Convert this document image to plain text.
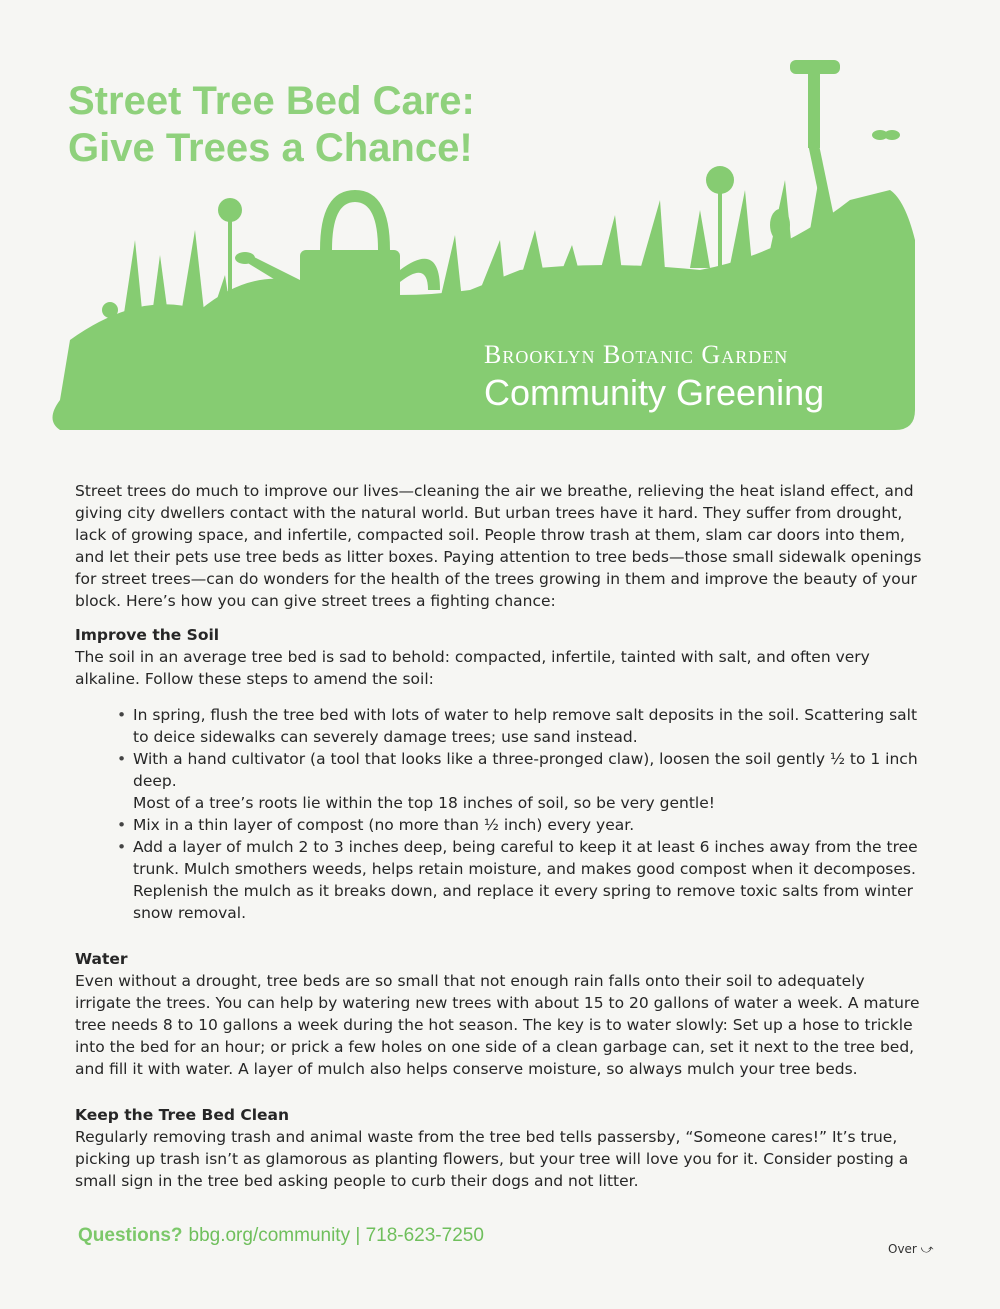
Street Tree Bed Care:
Give Trees a Chance!
Brooklyn Botanic Garden
Community Greening

Street trees do much to improve our lives—cleaning the air we breathe, relieving the heat island effect, and giving city dwellers contact with the natural world. But urban trees have it hard. They suffer from drought, lack of growing space, and infertile, compacted soil. People throw trash at them, slam car doors into them, and let their pets use tree beds as litter boxes. Paying attention to tree beds—those small sidewalk openings for street trees—can do wonders for the health of the trees growing in them and improve the beauty of your block. Here’s how you can give street trees a fighting chance:

Improve the Soil

The soil in an average tree bed is sad to behold: compacted, infertile, tainted with salt, and often very alkaline. Follow these steps to amend the soil:

• In spring, flush the tree bed with lots of water to help remove salt deposits in the soil. Scattering salt to deice sidewalks can severely damage trees; use sand instead.
• With a hand cultivator (a tool that looks like a three-pronged claw), loosen the soil gently ½ to 1 inch deep.
Most of a tree’s roots lie within the top 18 inches of soil, so be very gentle!
• Mix in a thin layer of compost (no more than ½ inch) every year.
• Add a layer of mulch 2 to 3 inches deep, being careful to keep it at least 6 inches away from the tree trunk. Mulch smothers weeds, helps retain moisture, and makes good compost when it decomposes. Replenish the mulch as it breaks down, and replace it every spring to remove toxic salts from winter snow removal.
Water

Even without a drought, tree beds are so small that not enough rain falls onto their soil to adequately irrigate the trees. You can help by watering new trees with about 15 to 20 gallons of water a week. A mature tree needs 8 to 10 gallons a week during the hot season. The key is to water slowly: Set up a hose to trickle into the bed for an hour; or prick a few holes on one side of a clean garbage can, set it next to the tree bed, and fill it with water. A layer of mulch also helps conserve moisture, so always mulch your tree beds.

Keep the Tree Bed Clean

Regularly removing trash and animal waste from the tree bed tells passersby, “Someone cares!” It’s true, picking up trash isn’t as glamorous as planting flowers, but your tree will love you for it. Consider posting a small sign in the tree bed asking people to curb their dogs and not litter.

Questions? bbg.org/community | 718-623-7250
Over ⤻
